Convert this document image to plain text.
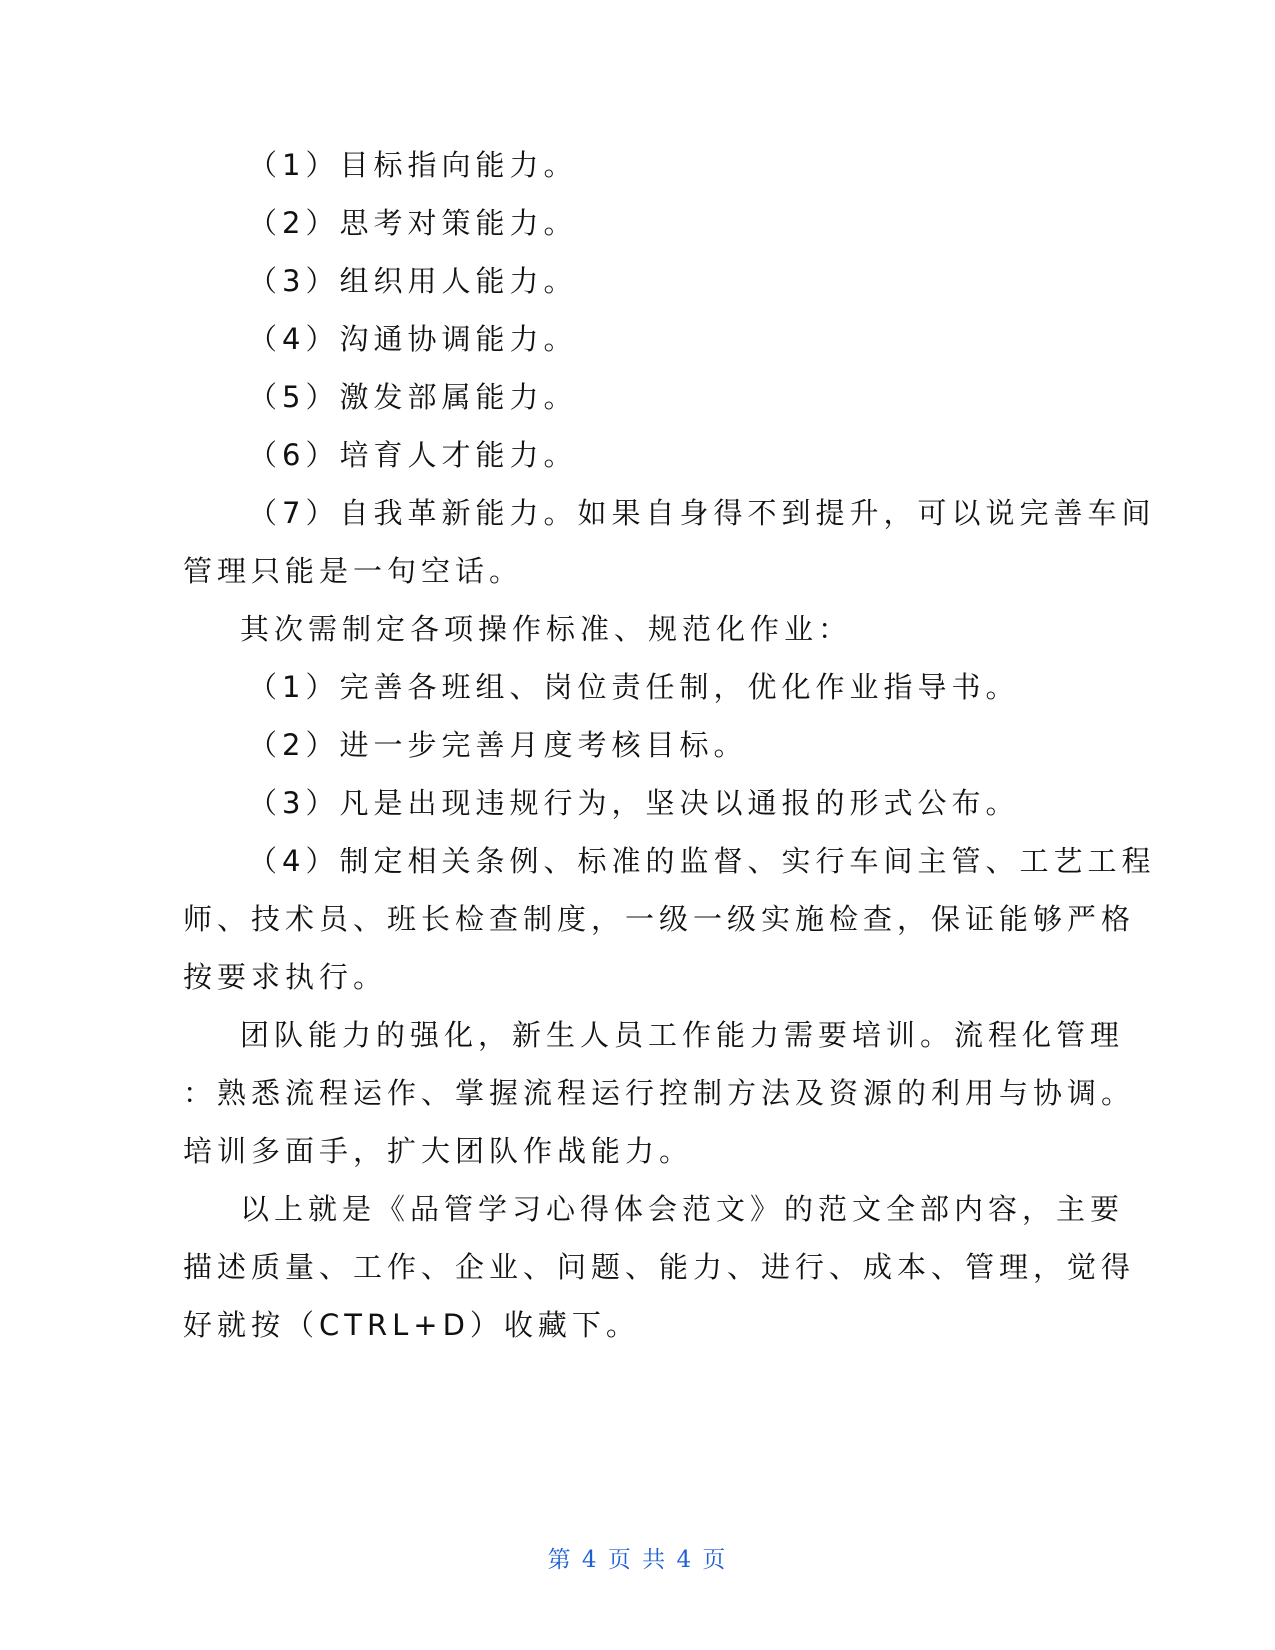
（1）目标指向能力。
（2）思考对策能力。
（3）组织用人能力。
（4）沟通协调能力。
（5）激发部属能力。
（6）培育人才能力。
（7）自我革新能力。如果自身得不到提升，可以说完善车间
管理只能是一句空话。
其次需制定各项操作标准、规范化作业：
（1）完善各班组、岗位责任制，优化作业指导书。
（2）进一步完善月度考核目标。
（3）凡是出现违规行为，坚决以通报的形式公布。
（4）制定相关条例、标准的监督、实行车间主管、工艺工程
师、技术员、班长检查制度，一级一级实施检查，保证能够严格
按要求执行。
团队能力的强化，新生人员工作能力需要培训。流程化管理
：熟悉流程运作、掌握流程运行控制方法及资源的利用与协调。
培训多面手，扩大团队作战能力。
以上就是《品管学习心得体会范文》的范文全部内容，主要
描述质量、工作、企业、问题、能力、进行、成本、管理，觉得
好就按（CTRL+D）收藏下。
第 4 页 共 4 页
